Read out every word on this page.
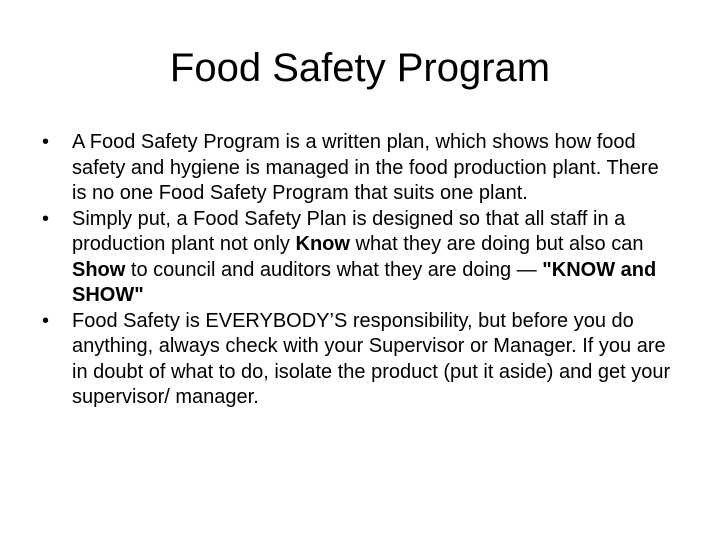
Food Safety Program
• A Food Safety Program is a written plan, which shows how food safety and hygiene is managed in the food production plant. There is no one Food Safety Program that suits one plant.
• Simply put, a Food Safety Plan is designed so that all staff in a production plant not only Know what they are doing but also can Show to council and auditors what they are doing — "KNOW and SHOW"
• Food Safety is EVERYBODY’S responsibility, but before you do anything, always check with your Supervisor or Manager. If you are in doubt of what to do, isolate the product (put it aside) and get your supervisor/ manager.
